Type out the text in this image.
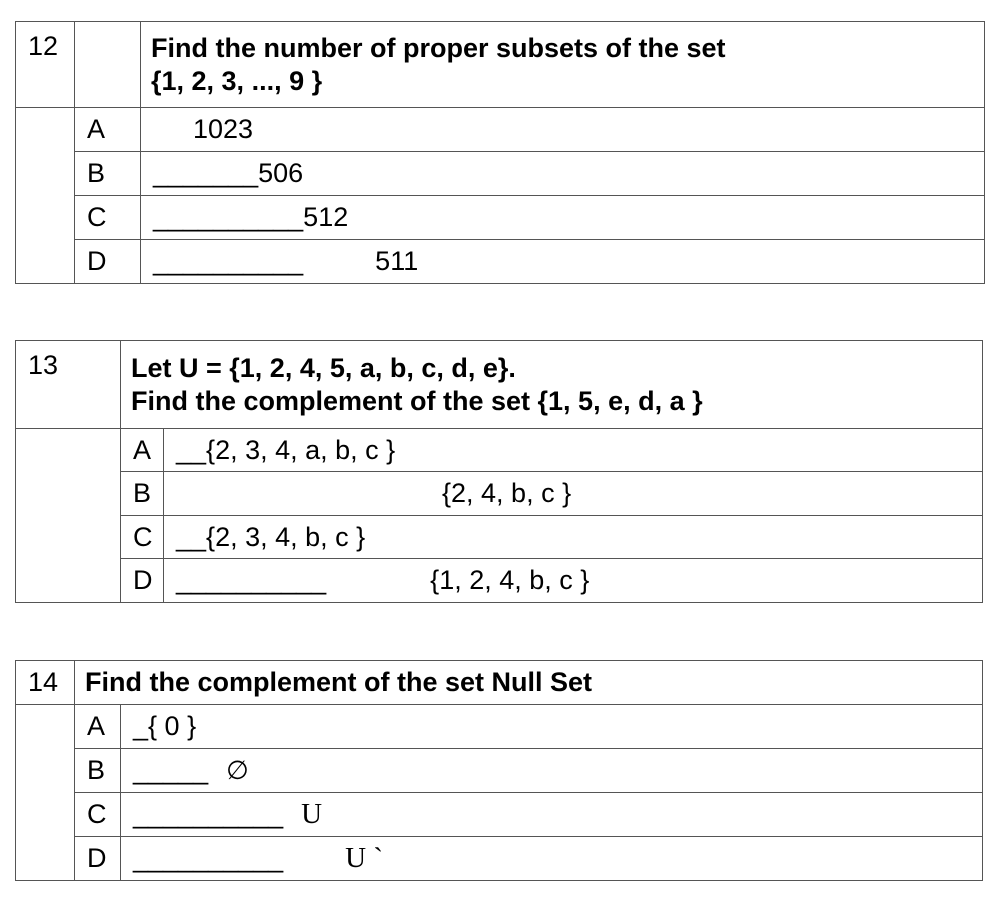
12		Find the number of proper subsets of the set
{1, 2, 3, ..., 9 }

	A	1023
	B	_______506
	C	__________512
	D	__________ 511
13	Let U = {1, 2, 4, 5, a, b, c, d, e}.
Find the complement of the set {1, 5, e, d, a }	

	A	__{2, 3, 4, a, b, c }
	B	{2, 4, b, c }
	C	__{2, 3, 4, b, c }
	D	__________ {1, 2, 4, b, c }
14	Find the complement of the set Null Set	
	A	_{ 0 }
	B	_____ ∅
	C	__________ U
	D	__________ U `
